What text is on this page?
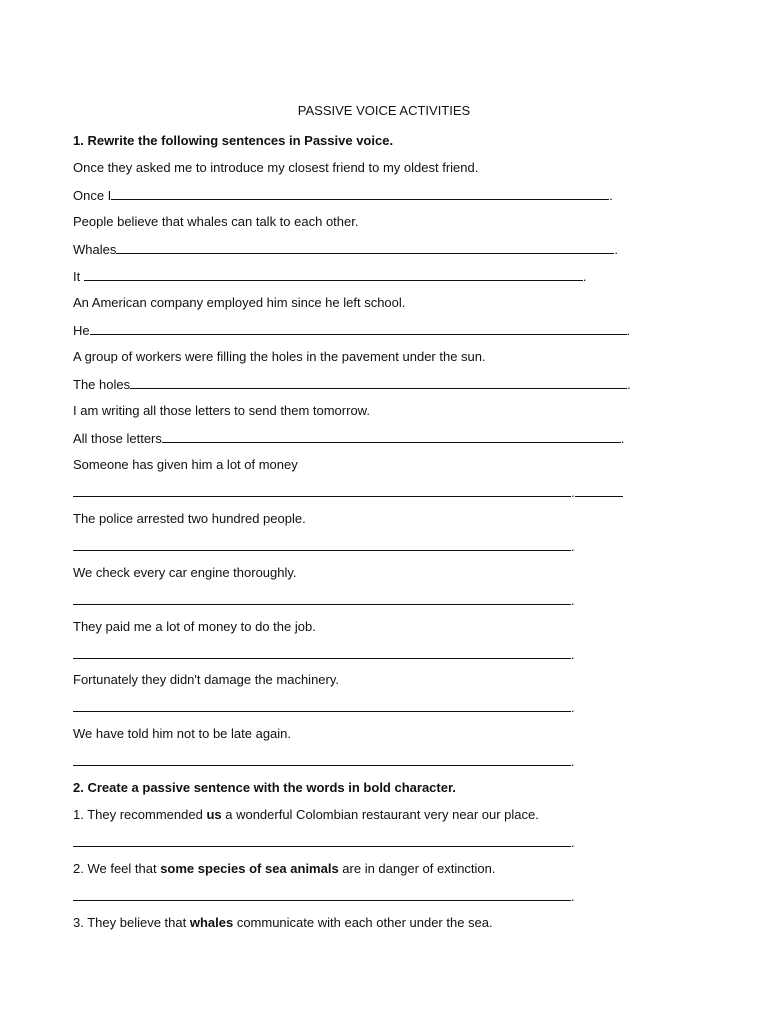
PASSIVE VOICE ACTIVITIES
1. Rewrite the following sentences in Passive voice.
Once they asked me to introduce my closest friend to my oldest friend.
Once I	.
People believe that whales can talk to each other.
Whales	.
It	.
An American company employed him since he left school.
He	.
A group of workers were filling the holes in the pavement under the sun.
The holes	.
I am writing all those letters to send them tomorrow.
All those letters	.
Someone has given him a lot of money
.
The police arrested two hundred people.
.
We check every car engine thoroughly.
.
They paid me a lot of money to do the job.
.
Fortunately they didn't damage the machinery.
.
We have told him not to be late again.
.
2. Create a passive sentence with the words in bold character.
1. They recommended us a wonderful Colombian restaurant very near our place.
.
2. We feel that some species of sea animals are in danger of extinction.
.
3. They believe that whales communicate with each other under the sea.
